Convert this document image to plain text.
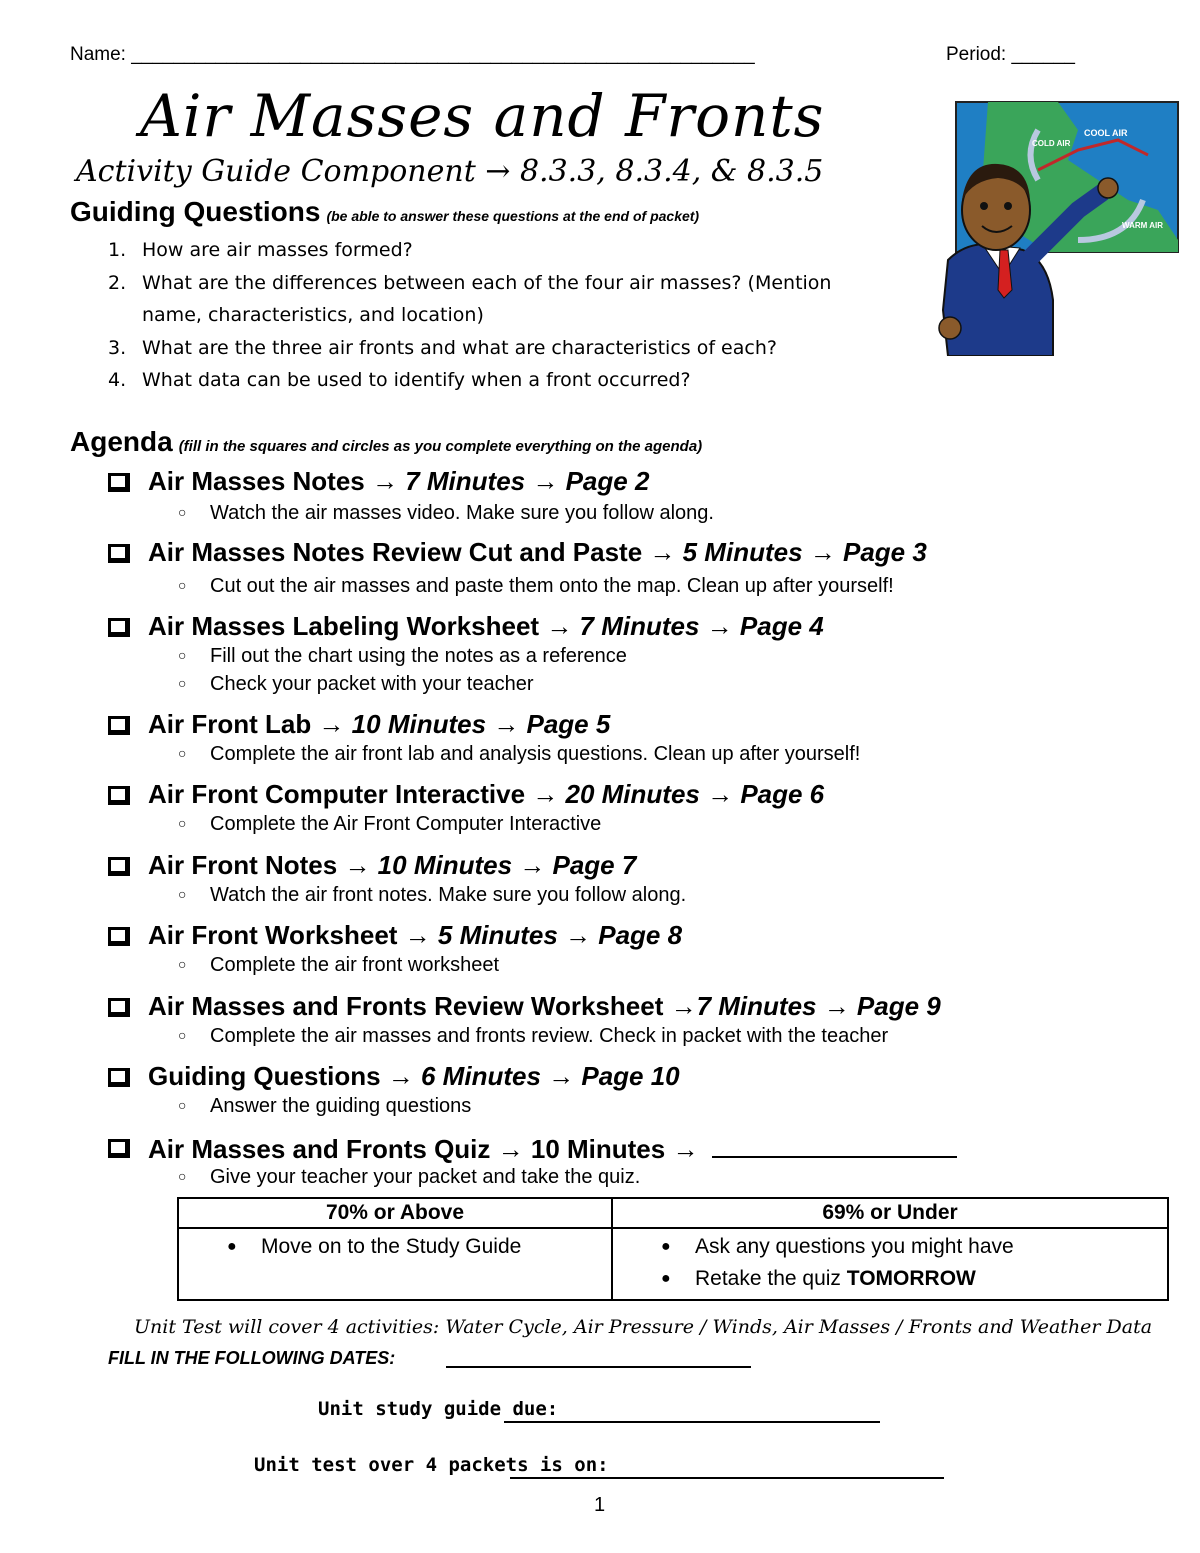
Name: ___________________________________________________________	Period: ______
Air Masses and Fronts
Activity Guide Component → 8.3.3, 8.3.4, & 8.3.5
Guiding Questions (be able to answer these questions at the end of packet)
1. How are air masses formed?
2. What are the differences between each of the four air masses? (Mention name, characteristics, and location)
3. What are the three air fronts and what are characteristics of each?
4. What data can be used to identify when a front occurred?
COLD AIR
COOL AIR
WARM AIR
Agenda (fill in the squares and circles as you complete everything on the agenda)
Air Masses Notes → 7 Minutes → Page 2
○ Watch the air masses video. Make sure you follow along.
Air Masses Notes Review Cut and Paste → 5 Minutes → Page 3
○ Cut out the air masses and paste them onto the map. Clean up after yourself!
Air Masses Labeling Worksheet → 7 Minutes → Page 4
○ Fill out the chart using the notes as a reference
○ Check your packet with your teacher
Air Front Lab → 10 Minutes → Page 5
○ Complete the air front lab and analysis questions. Clean up after yourself!
Air Front Computer Interactive → 20 Minutes → Page 6
○ Complete the Air Front Computer Interactive
Air Front Notes → 10 Minutes → Page 7
○ Watch the air front notes. Make sure you follow along.
Air Front Worksheet → 5 Minutes → Page 8
○ Complete the air front worksheet
Air Masses and Fronts Review Worksheet →7 Minutes → Page 9
○ Complete the air masses and fronts review. Check in packet with the teacher
Guiding Questions → 6 Minutes → Page 10
○ Answer the guiding questions
Air Masses and Fronts Quiz → 10 Minutes →
○ Give your teacher your packet and take the quiz.
70% or Above	69% or Under

● Move on to the Study Guide	● Ask any questions you might have
● Retake the quiz TOMORROW
Unit Test will cover 4 activities: Water Cycle, Air Pressure / Winds, Air Masses / Fronts and Weather Data
FILL IN THE FOLLOWING DATES:
Unit study guide due:
Unit test over 4 packets is on:
1
